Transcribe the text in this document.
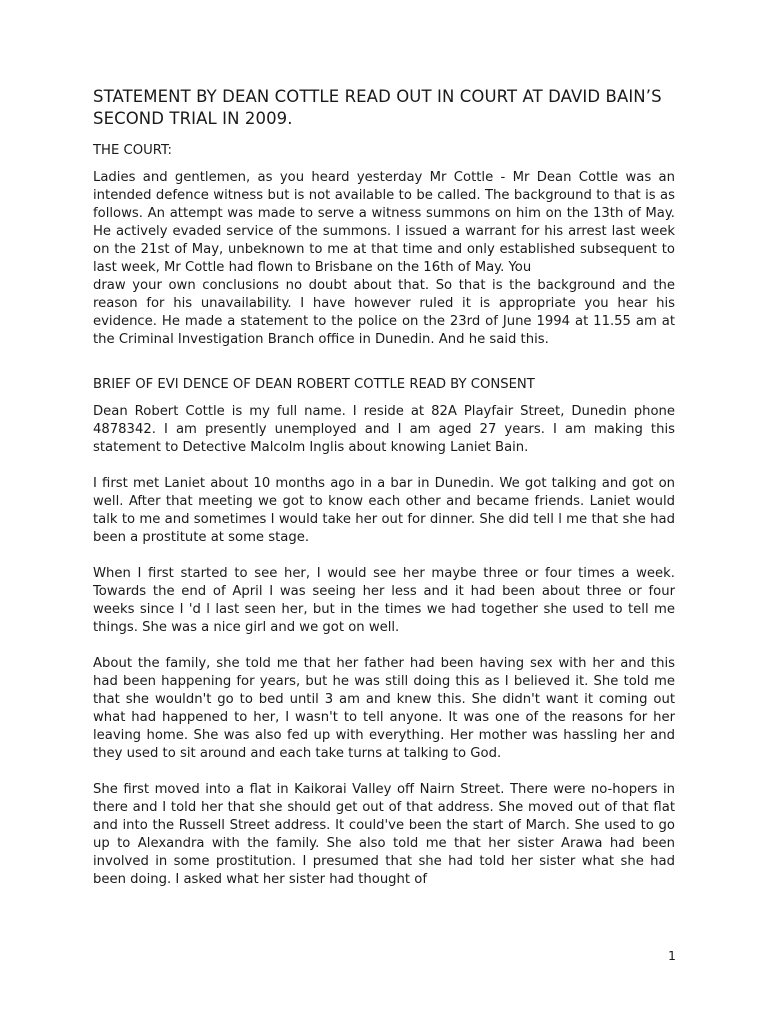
STATEMENT BY DEAN COTTLE READ OUT IN COURT AT DAVID BAIN’S SECOND TRIAL IN 2009.
THE COURT:

Ladies and gentlemen, as you heard yesterday Mr Cottle - Mr Dean Cottle was an intended defence witness but is not available to be called. The background to that is as follows. An attempt was made to serve a witness summons on him on the 13th of May. He actively evaded service of the summons. I issued a warrant for his arrest last week on the 21st of May, unbeknown to me at that time and only established subsequent to last week, Mr Cottle had flown to Brisbane on the 16th of May. You

draw your own conclusions no doubt about that. So that is the background and the reason for his unavailability. I have however ruled it is appropriate you hear his evidence. He made a statement to the police on the 23rd of June 1994 at 11.55 am at the Criminal Investigation Branch office in Dunedin. And he said this.

BRIEF OF EVI DENCE OF DEAN ROBERT COTTLE READ BY CONSENT

Dean Robert Cottle is my full name. I reside at 82A Playfair Street, Dunedin phone 4878342. I am presently unemployed and I am aged 27 years. I am making this statement to Detective Malcolm Inglis about knowing Laniet Bain.

I first met Laniet about 10 months ago in a bar in Dunedin. We got talking and got on well. After that meeting we got to know each other and became friends. Laniet would talk to me and sometimes I would take her out for dinner. She did tell l me that she had been a prostitute at some stage.

When I first started to see her, I would see her maybe three or four times a week. Towards the end of April I was seeing her less and it had been about three or four weeks since I 'd l last seen her, but in the times we had together she used to tell me things. She was a nice girl and we got on well.

About the family, she told me that her father had been having sex with her and this had been happening for years, but he was still doing this as I believed it. She told me that she wouldn't go to bed until 3 am and knew this. She didn't want it coming out what had happened to her, I wasn't to tell anyone. It was one of the reasons for her leaving home. She was also fed up with everything. Her mother was hassling her and they used to sit around and each take turns at talking to God.

She first moved into a flat in Kaikorai Valley off Nairn Street. There were no-hopers in there and I told her that she should get out of that address. She moved out of that flat and into the Russell Street address. It could've been the start of March. She used to go up to Alexandra with the family. She also told me that her sister Arawa had been involved in some prostitution. I presumed that she had told her sister what she had been doing. I asked what her sister had thought of

1
